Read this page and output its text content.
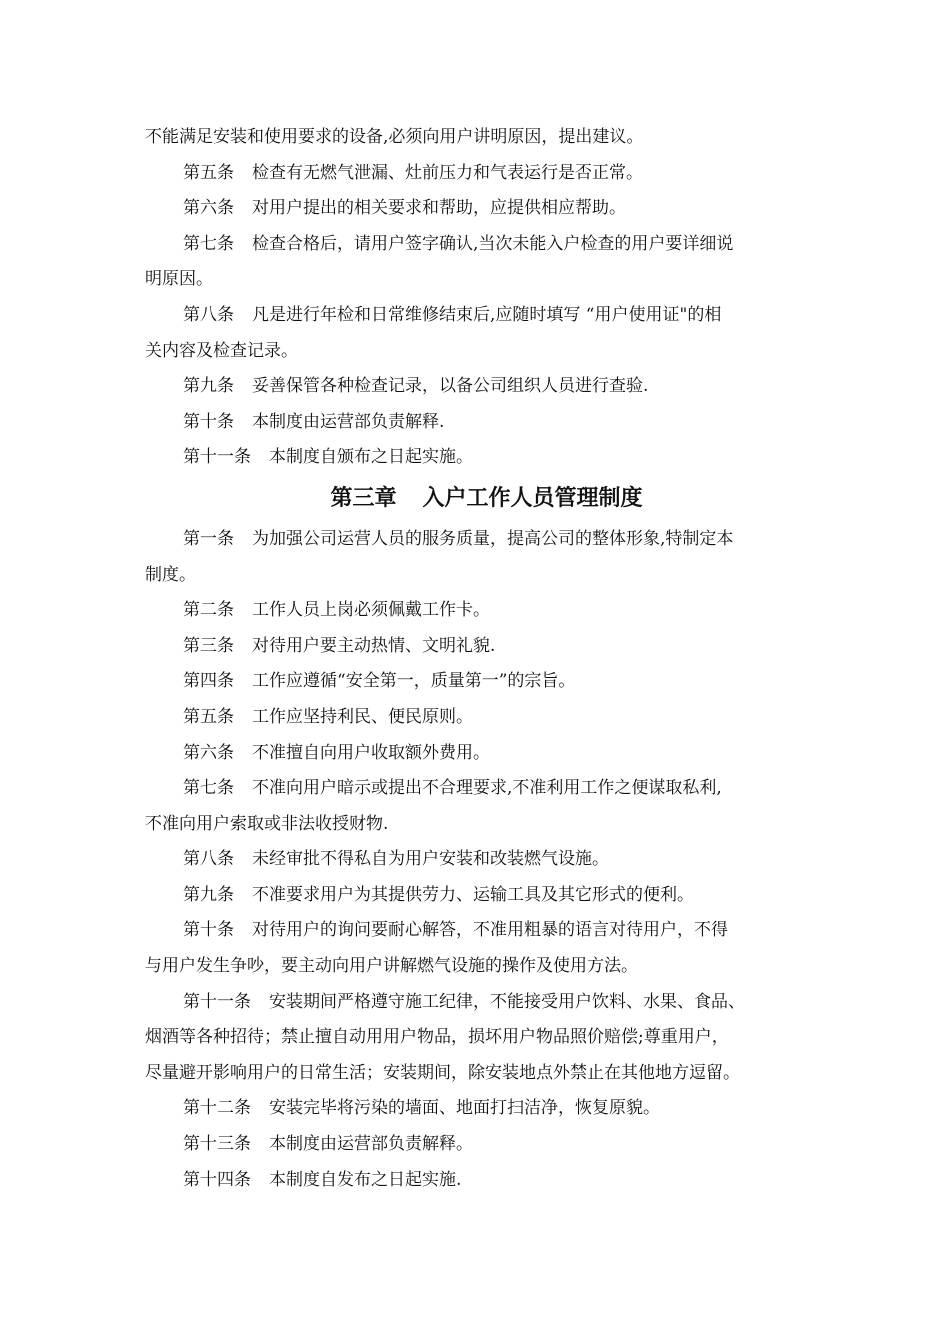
不能满足安装和使用要求的设备,必须向用户讲明原因，提出建议。
第五条 检查有无燃气泄漏、灶前压力和气表运行是否正常。
第六条 对用户提出的相关要求和帮助，应提供相应帮助。
第七条 检查合格后，请用户签字确认,当次未能入户检查的用户要详细说
明原因。
第八条 凡是进行年检和日常维修结束后,应随时填写 “用户使用证"的相
关内容及检查记录。
第九条 妥善保管各种检查记录，以备公司组织人员进行查验.
第十条 本制度由运营部负责解释.
第十一条 本制度自颁布之日起实施。
第三章 入户工作人员管理制度
第一条 为加强公司运营人员的服务质量，提高公司的整体形象,特制定本
制度。
第二条 工作人员上岗必须佩戴工作卡。
第三条 对待用户要主动热情、文明礼貌.
第四条 工作应遵循“安全第一，质量第一”的宗旨。
第五条 工作应坚持利民、便民原则。
第六条 不准擅自向用户收取额外费用。
第七条 不准向用户暗示或提出不合理要求,不准利用工作之便谋取私利,
不准向用户索取或非法收授财物.
第八条 未经审批不得私自为用户安装和改装燃气设施。
第九条 不准要求用户为其提供劳力、运输工具及其它形式的便利。
第十条 对待用户的询问要耐心解答，不准用粗暴的语言对待用户，不得
与用户发生争吵，要主动向用户讲解燃气设施的操作及使用方法。
第十一条 安装期间严格遵守施工纪律，不能接受用户饮料、水果、食品、
烟酒等各种招待；禁止擅自动用用户物品，损坏用户物品照价赔偿;尊重用户，
尽量避开影响用户的日常生活；安装期间，除安装地点外禁止在其他地方逗留。
第十二条 安装完毕将污染的墙面、地面打扫洁净，恢复原貌。
第十三条 本制度由运营部负责解释。
第十四条 本制度自发布之日起实施.
